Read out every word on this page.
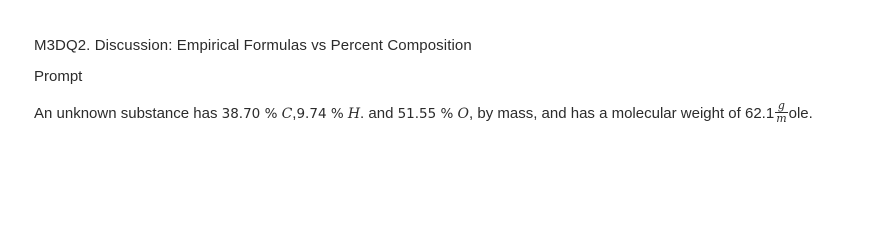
M3DQ2. Discussion: Empirical Formulas vs Percent Composition
Prompt
An unknown substance has 38.70 % C,9.74 % H. and 51.55 % O, by mass, and has a molecular weight of $62.1 \frac{g}{m}$ ole.
